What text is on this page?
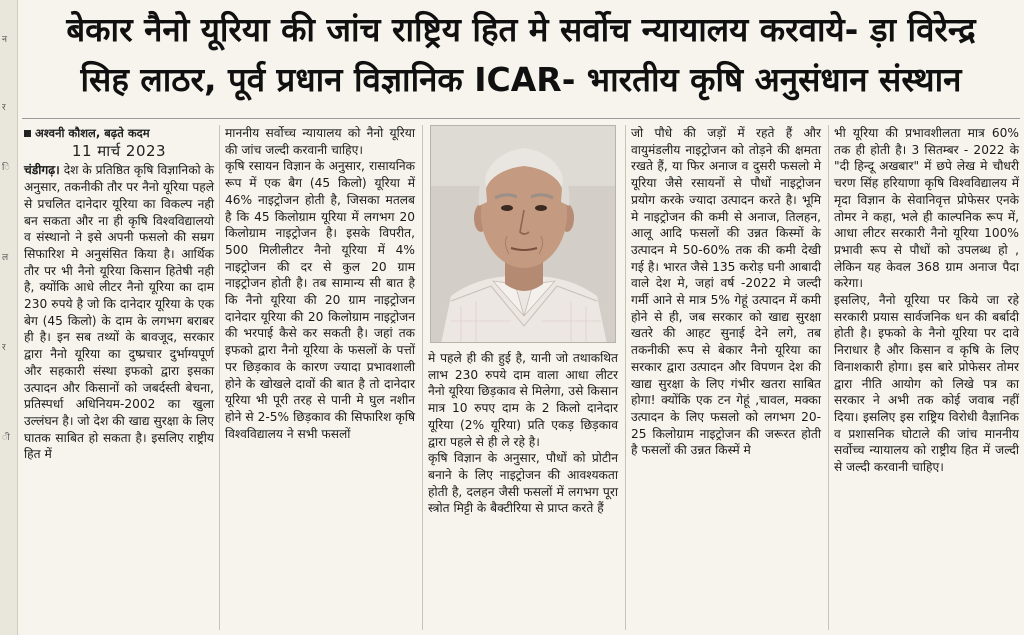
न
र
ि
ल
र
ी
बेकार नैनो यूरिया की जांच राष्ट्रिय हित मे सर्वोच न्यायालय करवाये- ड़ा विरेन्द्र
सिह लाठर, पूर्व प्रधान विज्ञानिक ICAR- भारतीय कृषि अनुसंधान संस्थान
अश्वनी कौशल, बढ़ते कदम
11 मार्च 2023

चंडीगढ़। देश के प्रतिष्ठित कृषि विज्ञानिको के अनुसार, तकनीकी तौर पर नैनो यूरिया पहले से प्रचलित दानेदार यूरिया का विकल्प नही बन सकता और ना ही कृषि विश्वविद्यालयो व संस्थानो ने इसे अपनी फसलो की सम्रग सिफारिश मे अनुसंसित किया है। आर्थिक तौर पर भी नैनो यूरिया किसान हितेषी नही है, क्योंकि आधे लीटर नैनो यूरिया का दाम 230 रुपये है जो कि दानेदार यूरिया के एक बेग (45 किलो) के दाम के लगभग बराबर ही है। इन सब तथ्यों के बावजूद, सरकार द्वारा नैनो यूरिया का दुष्प्रचार दुर्भाग्यपूर्ण और सहकारी संस्था इफको द्वारा इसका उत्पादन और किसानों को जबर्दस्ती बेचना, प्रतिस्पर्धा अधिनियम-2002 का खुला उल्लंघन है। जो देश की खाद्य सुरक्षा के लिए घातक साबित हो सकता है। इसलिए राष्ट्रीय हित में

माननीय सर्वोच्च न्यायालय को नैनो यूरिया की जांच जल्दी करवानी चाहिए।
कृषि रसायन विज्ञान के अनुसार, रासायनिक रूप में एक बैग (45 किलो) यूरिया में 46% नाइट्रोजन होती है, जिसका मतलब है कि 45 किलोग्राम यूरिया में लगभग 20 किलोग्राम नाइट्रोजन है। इसके विपरीत, 500 मिलीलीटर नैनो यूरिया में 4% नाइट्रोजन की दर से कुल 20 ग्राम नाइट्रोजन होती है। तब सामान्य सी बात है कि नैनो यूरिया की 20 ग्राम नाइट्रोजन दानेदार यूरिया की 20 किलोग्राम नाइट्रोजन की भरपाई कैसे कर सकती है। जहां तक इफको द्वारा नैनो यूरिया के फसलों के पत्तों पर छिड़काव के कारण ज्यादा प्रभावशाली होने के खोखले दावों की बात है तो दानेदार यूरिया भी पूरी तरह से पानी मे घुल नशीन होने से 2-5% छिड़काव की सिफारिश कृषि विश्वविद्यालय ने सभी फसलों

मे पहले ही की हुई है, यानी जो तथाकथित लाभ 230 रुपये दाम वाला आधा लीटर नैनो यूरिया छिड़काव से मिलेगा, उसे किसान मात्र 10 रुपए दाम के 2 किलो दानेदार यूरिया (2% यूरिया) प्रति एकड़ छिड़काव द्वारा पहले से ही ले रहे है।
कृषि विज्ञान के अनुसार, पौधों को प्रोटीन बनाने के लिए नाइट्रोजन की आवश्यकता होती है, दलहन जैसी फसलों में लगभग पूरा स्त्रोत मिट्टी के बैक्टीरिया से प्राप्त करते हैं

जो पौधे की जड़ों में रहते हैं और वायुमंडलीय नाइट्रोजन को तोड़ने की क्षमता रखते हैं, या फिर अनाज व दुसरी फसलो मे यूरिया जैसे रसायनों से पौधों नाइट्रोजन प्रयोग करके ज्यादा उत्पादन करते है। भूमि मे नाइट्रोजन की कमी से अनाज, तिलहन, आलू आदि फसलों की उन्नत किस्मों के उत्पादन मे 50-60% तक की कमी देखी गई है। भारत जैसे 135 करोड़ घनी आबादी वाले देश मे, जहां वर्ष -2022 मे जल्दी गर्मी आने से मात्र 5% गेहूं उत्पादन में कमी होने से ही, जब सरकार को खाद्य सुरक्षा खतरे की आहट सुनाई देने लगे, तब तकनीकी रूप से बेकार नैनो यूरिया का सरकार द्वारा उत्पादन और विपणन देश की खाद्य सुरक्षा के लिए गंभीर खतरा साबित होगा! क्योंकि एक टन गेहूं ,चावल, मक्का उत्पादन के लिए फसलो को लगभग 20-25 किलोग्राम नाइट्रोजन की जरूरत होती है फसलों की उन्नत किस्में मे

भी यूरिया की प्रभावशीलता मात्र 60% तक ही होती है। 3 सितम्बर - 2022 के "दी हिन्दू अखबार" में छपे लेख मे चौधरी चरण सिंह हरियाणा कृषि विश्वविद्यालय में मृदा विज्ञान के सेवानिवृत्त प्रोफेसर एनके तोमर ने कहा, भले ही काल्पनिक रूप में, आधा लीटर सरकारी नैनो यूरिया 100% प्रभावी रूप से पौधों को उपलब्ध हो , लेकिन यह केवल 368 ग्राम अनाज पैदा करेगा।
इसलिए, नैनो यूरिया पर किये जा रहे सरकारी प्रयास सार्वजनिक धन की बर्बादी होती है। इफको के नैनो यूरिया पर दावे निराधार है और किसान व कृषि के लिए विनाशकारी होगा। इस बारे प्रोफेसर तोमर द्वारा नीति आयोग को लिखे पत्र का सरकार ने अभी तक कोई जवाब नहीं दिया। इसलिए इस राष्ट्रिय विरोधी वैज्ञानिक व प्रशासनिक घोटाले की जांच माननीय सर्वोच्च न्यायालय को राष्ट्रीय हित में जल्दी से जल्दी करवानी चाहिए।
